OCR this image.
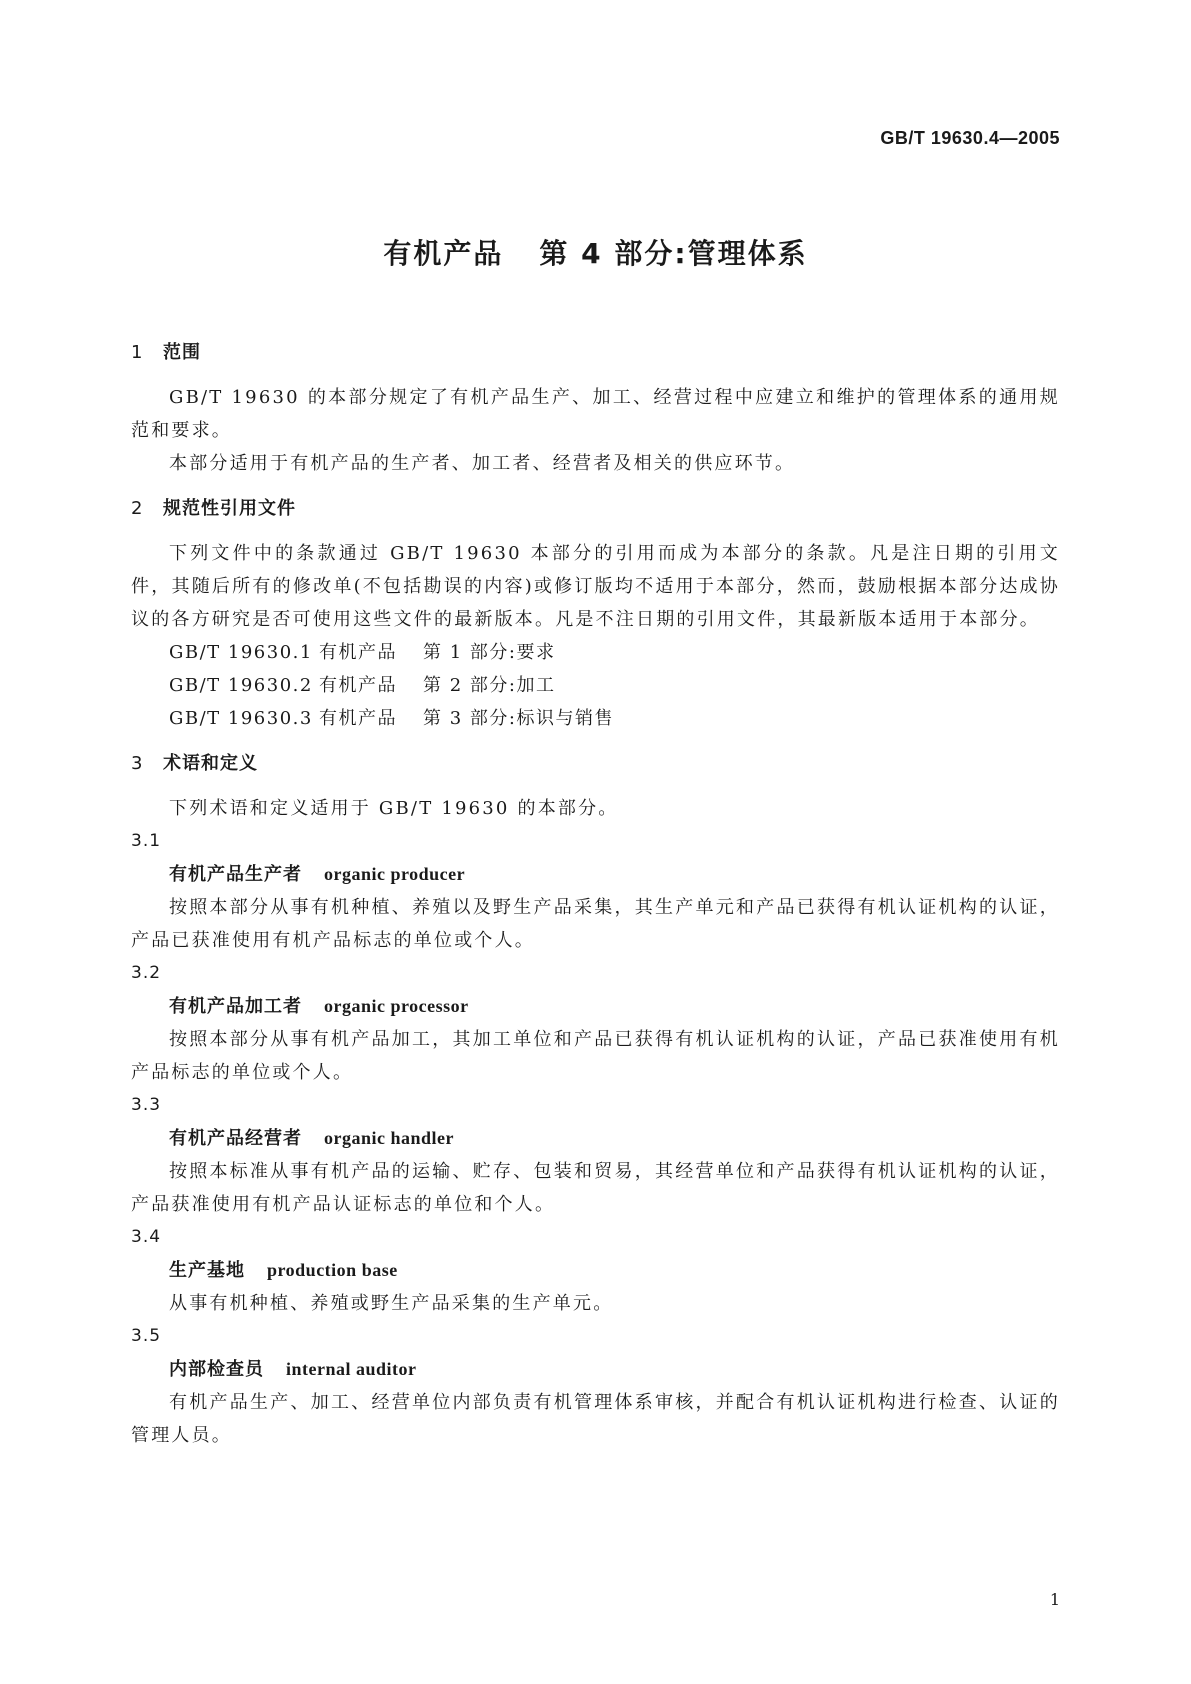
GB/T 19630.4—2005
有机产品 第 4 部分:管理体系
1 范围
GB/T 19630 的本部分规定了有机产品生产、加工、经营过程中应建立和维护的管理体系的通用规范和要求。
本部分适用于有机产品的生产者、加工者、经营者及相关的供应环节。
2 规范性引用文件
下列文件中的条款通过 GB/T 19630 本部分的引用而成为本部分的条款。凡是注日期的引用文件，其随后所有的修改单(不包括勘误的内容)或修订版均不适用于本部分，然而，鼓励根据本部分达成协议的各方研究是否可使用这些文件的最新版本。凡是不注日期的引用文件，其最新版本适用于本部分。
GB/T 19630.1 有机产品 第 1 部分:要求
GB/T 19630.2 有机产品 第 2 部分:加工
GB/T 19630.3 有机产品 第 3 部分:标识与销售
3 术语和定义
下列术语和定义适用于 GB/T 19630 的本部分。
3.1
有机产品生产者 organic producer
按照本部分从事有机种植、养殖以及野生产品采集，其生产单元和产品已获得有机认证机构的认证，产品已获准使用有机产品标志的单位或个人。
3.2
有机产品加工者 organic processor
按照本部分从事有机产品加工，其加工单位和产品已获得有机认证机构的认证，产品已获准使用有机产品标志的单位或个人。
3.3
有机产品经营者 organic handler
按照本标准从事有机产品的运输、贮存、包装和贸易，其经营单位和产品获得有机认证机构的认证，产品获准使用有机产品认证标志的单位和个人。
3.4
生产基地 production base
从事有机种植、养殖或野生产品采集的生产单元。
3.5
内部检查员 internal auditor
有机产品生产、加工、经营单位内部负责有机管理体系审核，并配合有机认证机构进行检查、认证的管理人员。
1
